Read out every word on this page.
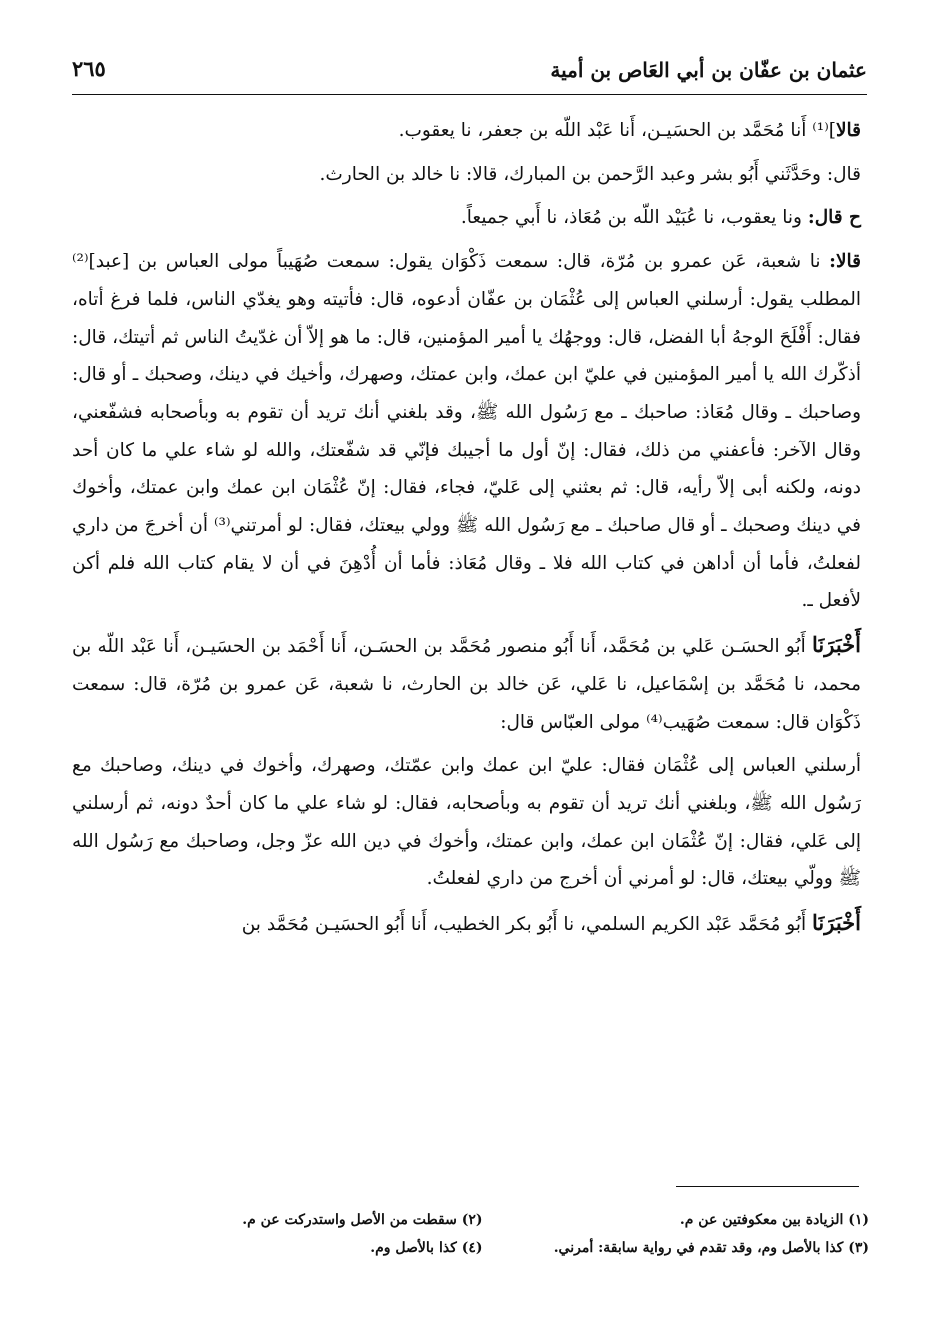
عثمان بن عفّان بن أبي العَاص بن أمية
٢٦٥

قالا]⁽¹⁾ أَنا مُحَمَّد بن الحسَيـن، أَنا عَبْد اللّه بن جعفر، نا يعقوب.

قال: وحَدَّثَني أَبُو بشر وعبد الرَّحمن بن المبارك، قالا: نا خالد بن الحارث.

ح قال: ونا يعقوب، نا عُبَيْد اللّه بن مُعَاذ، نا أَبي جميعاً.

قالا: نا شعبة، عَن عمرو بن مُرّة، قال: سمعت ذَكْوَان يقول: سمعت صُهَيباً مولى العباس بن [عبد]⁽²⁾ المطلب يقول: أرسلني العباس إلى عُثْمَان بن عفّان أدعوه، قال: فأتيته وهو يغدّي الناس، فلما فرغ أتاه، فقال: أَفْلَحَ الوجهُ أبا الفضل، قال: ووجهُك يا أمير المؤمنين، قال: ما هو إلاّ أن غدّيتُ الناس ثم أتيتك، قال: أذكّرك الله يا أمير المؤمنين في عليّ ابن عمك، وابن عمتك، وصهرك، وأخيك في دينك، وصحبك ـ أو قال: وصاحبك ـ وقال مُعَاذ: صاحبك ـ مع رَسُول الله ﷺ، وقد بلغني أنك تريد أن تقوم به وبأصحابه فشفّعني، وقال الآخر: فأعفني من ذلك، فقال: إنّ أول ما أجيبك فإنّي قد شفّعتك، والله لو شاء علي ما كان أحد دونه، ولكنه أبى إلاّ رأيه، قال: ثم بعثني إلى عَليّ، فجاء، فقال: إنّ عُثْمَان ابن عمك وابن عمتك، وأخوك في دينك وصحبك ـ أو قال صاحبك ـ مع رَسُول الله ﷺ وولي بيعتك، فقال: لو أمرتني⁽³⁾ أن أخرجَ من داري لفعلتُ، فأما أن أداهن في كتاب الله فلا ـ وقال مُعَاذ: فأما أن أُدْهِنَ في أن لا يقام كتاب الله فلم أكن لأفعل ـ.

أَخْبَرَنَا أَبُو الحسَـن عَلي بن مُحَمَّد، أَنا أَبُو منصور مُحَمَّد بن الحسَـن، أَنا أَحْمَد بن الحسَيـن، أَنا عَبْد اللّه بن محمد، نا مُحَمَّد بن إسْمَاعيل، نا عَلي، عَن خالد بن الحارث، نا شعبة، عَن عمرو بن مُرّة، قال: سمعت ذَكْوَان قال: سمعت صُهَيب⁽⁴⁾ مولى العبّاس قال:

أرسلني العباس إلى عُثْمَان فقال: عليّ ابن عمك وابن عمّتك، وصهرك، وأخوك في دينك، وصاحبك مع رَسُول الله ﷺ، وبلغني أنك تريد أن تقوم به وبأصحابه، فقال: لو شاء علي ما كان أحدٌ دونه، ثم أرسلني إلى عَلي، فقال: إنّ عُثْمَان ابن عمك، وابن عمتك، وأخوك في دين الله عزّ وجل، وصاحبك مع رَسُول الله ﷺ وولّي بيعتك، قال: لو أمرني أن أخرج من داري لفعلتُ.

أَخْبَرَنَا أَبُو مُحَمَّد عَبْد الكريم السلمي، نا أَبُو بكر الخطيب، أَنا أَبُو الحسَيـن مُحَمَّد بن

(١) الزيادة بين معكوفتين عن م.
(٢) سقطت من الأصل واستدركت عن م.
(٣) كذا بالأصل وم، وقد تقدم في رواية سابقة: أمرني.
(٤) كذا بالأصل وم.
